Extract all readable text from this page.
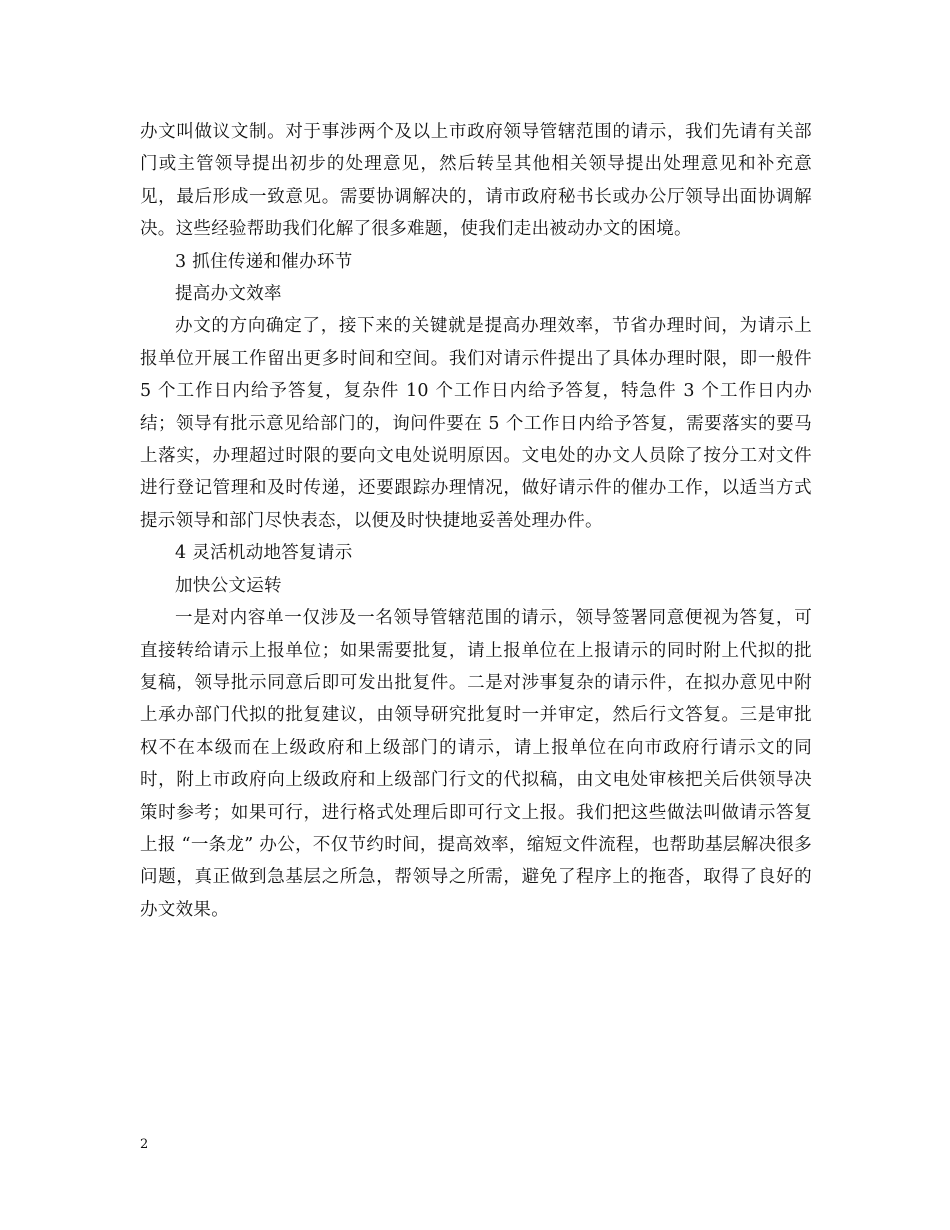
办文叫做议文制。对于事涉两个及以上市政府领导管辖范围的请示，我们先请有关部门或主管领导提出初步的处理意见，然后转呈其他相关领导提出处理意见和补充意见，最后形成一致意见。需要协调解决的，请市政府秘书长或办公厅领导出面协调解决。这些经验帮助我们化解了很多难题，使我们走出被动办文的困境。

3 抓住传递和催办环节

提高办文效率

办文的方向确定了，接下来的关键就是提高办理效率，节省办理时间，为请示上报单位开展工作留出更多时间和空间。我们对请示件提出了具体办理时限，即一般件 5 个工作日内给予答复，复杂件 10 个工作日内给予答复，特急件 3 个工作日内办结；领导有批示意见给部门的，询问件要在 5 个工作日内给予答复，需要落实的要马上落实，办理超过时限的要向文电处说明原因。文电处的办文人员除了按分工对文件进行登记管理和及时传递，还要跟踪办理情况，做好请示件的催办工作，以适当方式提示领导和部门尽快表态，以便及时快捷地妥善处理办件。

4 灵活机动地答复请示

加快公文运转

一是对内容单一仅涉及一名领导管辖范围的请示，领导签署同意便视为答复，可直接转给请示上报单位；如果需要批复，请上报单位在上报请示的同时附上代拟的批复稿，领导批示同意后即可发出批复件。二是对涉事复杂的请示件，在拟办意见中附上承办部门代拟的批复建议，由领导研究批复时一并审定，然后行文答复。三是审批权不在本级而在上级政府和上级部门的请示，请上报单位在向市政府行请示文的同时，附上市政府向上级政府和上级部门行文的代拟稿，由文电处审核把关后供领导决策时参考；如果可行，进行格式处理后即可行文上报。我们把这些做法叫做请示答复上报 “一条龙” 办公，不仅节约时间，提高效率，缩短文件流程，也帮助基层解决很多问题，真正做到急基层之所急，帮领导之所需，避免了程序上的拖沓，取得了良好的办文效果。

2
